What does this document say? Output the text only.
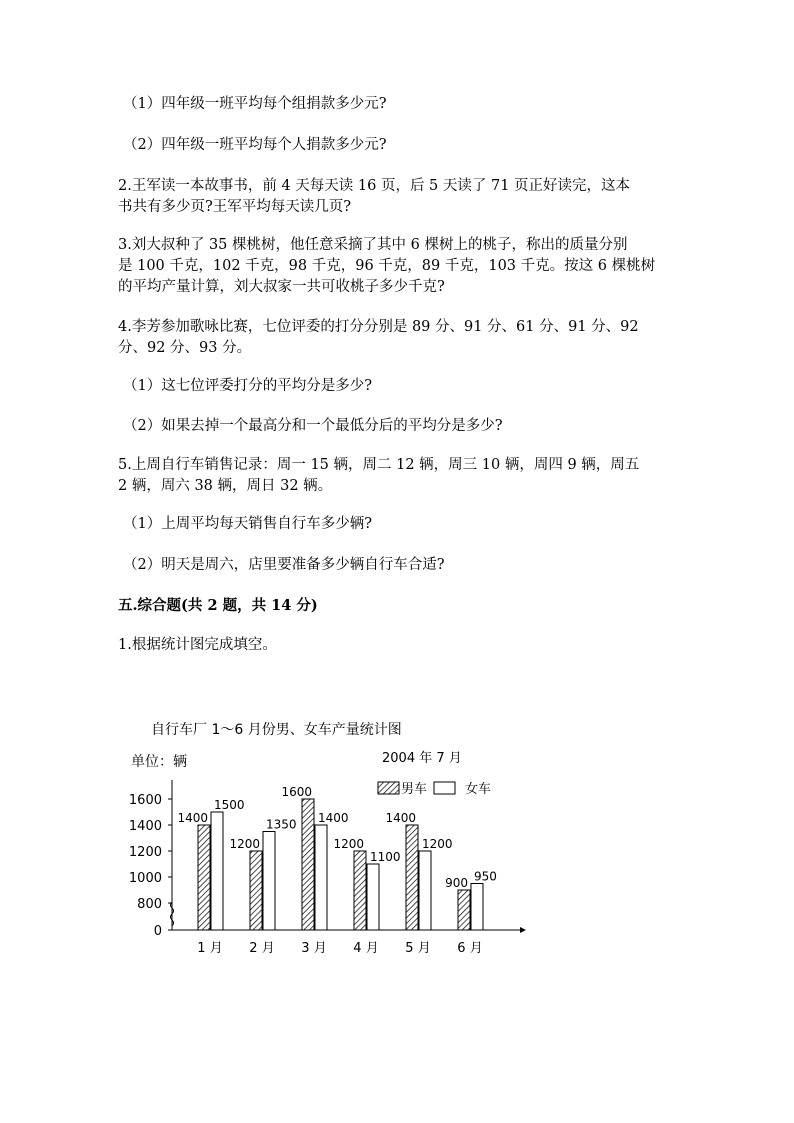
（1）四年级一班平均每个组捐款多少元?
（2）四年级一班平均每个人捐款多少元?
2.王军读一本故事书，前 4 天每天读 16 页，后 5 天读了 71 页正好读完，这本
书共有多少页?王军平均每天读几页?
3.刘大叔种了 35 棵桃树，他任意采摘了其中 6 棵树上的桃子，称出的质量分别
是 100 千克，102 千克，98 千克，96 千克，89 千克，103 千克。按这 6 棵桃树
的平均产量计算，刘大叔家一共可收桃子多少千克?
4.李芳参加歌咏比赛，七位评委的打分分别是 89 分、91 分、61 分、91 分、92
分、92 分、93 分。
（1）这七位评委打分的平均分是多少?
（2）如果去掉一个最高分和一个最低分后的平均分是多少?
5.上周自行车销售记录：周一 15 辆，周二 12 辆，周三 10 辆，周四 9 辆，周五
2 辆，周六 38 辆，周日 32 辆。
（1）上周平均每天销售自行车多少辆?
（2）明天是周六，店里要准备多少辆自行车合适?
五.综合题(共 2 题，共 14 分)
1.根据统计图完成填空。
自行车厂 1～6 月份男、女车产量统计图
2004 年 7 月
单位：辆
男车	女车
0
800
1000
1200
1400
1600
1400
1500
1 月
1200
1350
2 月
1600
1400
3 月
1200
1100
4 月
1400
1200
5 月
900 950
6 月
